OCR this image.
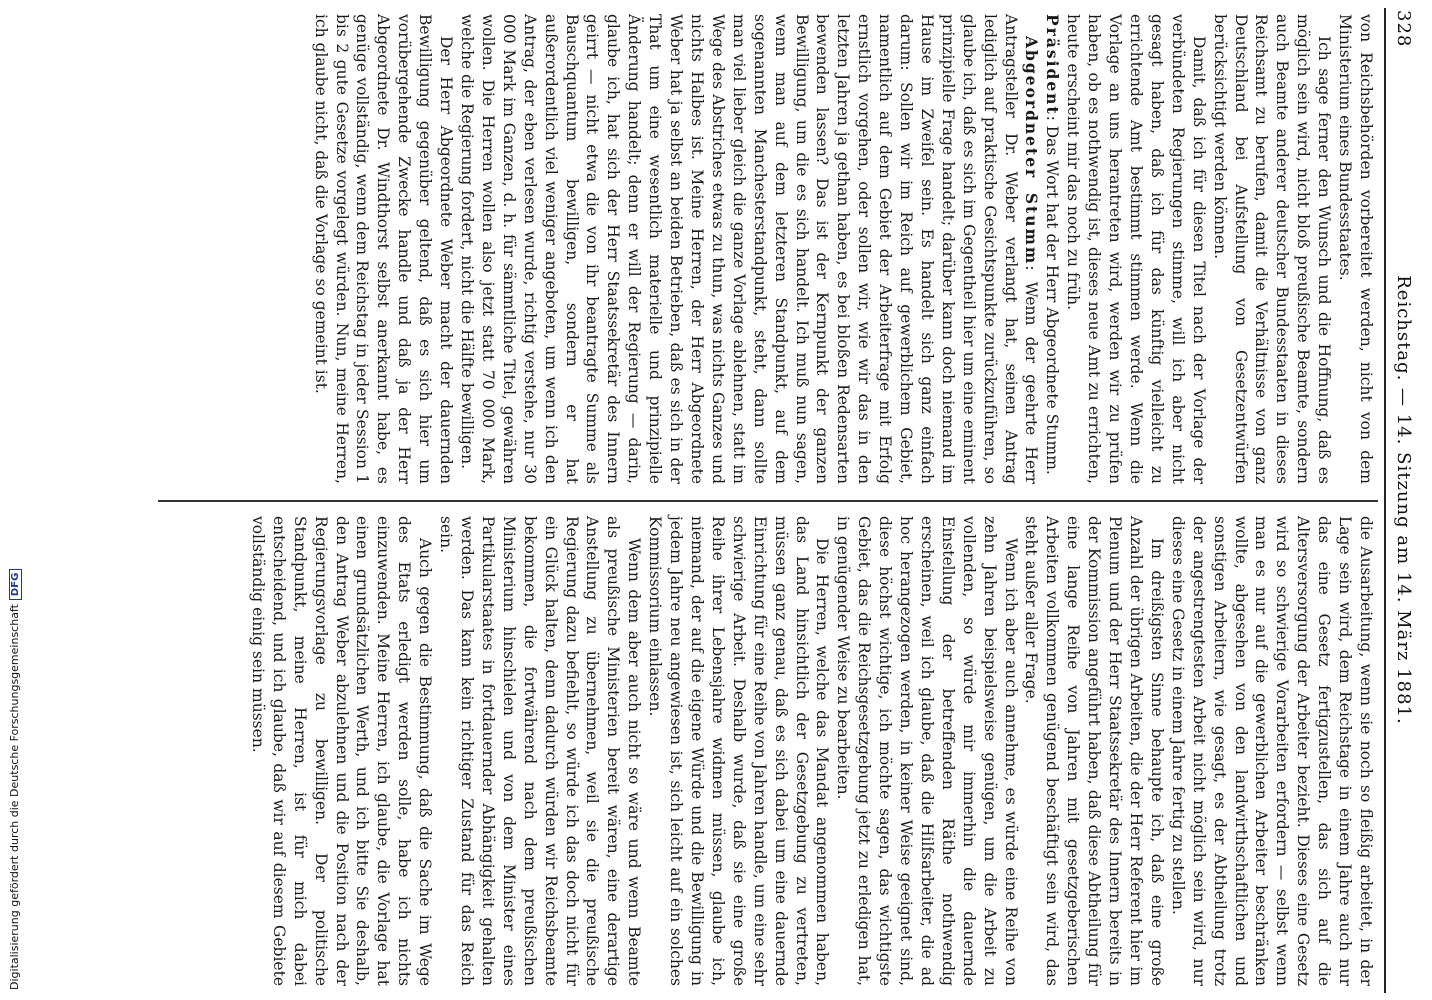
Digitalisierung gefördert durch die Deutsche ForschungsgemeinschaftDFG
328
Reichstag. — 14. Sitzung am 14. März 1881.

von Reichsbehörden vorbereitet werden, nicht von dem Ministerium eines Bundesstaates.

Ich sage ferner den Wunsch und die Hoffnung, daß es möglich sein wird, nicht bloß preußische Beamte, sondern auch Beamte anderer deutscher Bundesstaaten in dieses Reichsamt zu berufen, damit die Verhältnisse von ganz Deutschland bei Aufstellung von Gesetzentwürfen berücksichtigt werden können.

Damit, daß ich für diesen Titel nach der Vorlage der verbündeten Regierungen stimme, will ich aber nicht gesagt haben, daß ich für das künftig vielleicht zu errichtende Amt bestimmt stimmen werde. Wenn die Vorlage an uns herantreten wird, werden wir zu prüfen haben, ob es nothwendig ist, dieses neue Amt zu errichten, heute erscheint mir das noch zu früh.

Präsident: Das Wort hat der Herr Abgeordnete Stumm.

Abgeordneter Stumm: Wenn der geehrte Herr Antragsteller Dr. Weber verlangt hat, seinen Antrag lediglich auf praktische Gesichtspunkte zurückzuführen, so glaube ich, daß es sich im Gegentheil hier um eine eminent prinzipielle Frage handelt; darüber kann doch niemand im Hause im Zweifel sein. Es handelt sich ganz einfach darum: Sollen wir im Reich auf gewerblichem Gebiet, namentlich auf dem Gebiet der Arbeiterfrage mit Erfolg ernstlich vorgehen, oder sollen wir, wie wir das in den letzten Jahren ja gethan haben, es bei bloßen Redensarten bewenden lassen? Das ist der Kernpunkt der ganzen Bewilligung, um die es sich handelt. Ich muß nun sagen, wenn man auf dem letzteren Standpunkt, auf dem sogenannten Manchesterstandpunkt, steht, dann sollte man viel lieber gleich die ganze Vorlage ablehnen, statt im Wege des Abstriches etwas zu thun, was nichts Ganzes und nichts Halbes ist. Meine Herren, der Herr Abgeordnete Weber hat ja selbst an beiden Betrieben, daß es sich in der That um eine wesentlich materielle und prinzipielle Änderung handelt; denn er will der Regierung — darin, glaube ich, hat sich der Herr Staatssekretär des Innern geirrt — nicht etwa die von ihr beantragte Summe als Bauschquantum bewilligen, sondern er hat außerordentlich viel weniger angeboten, um wenn ich den Antrag, der eben verlesen wurde, richtig verstehe, nur 30 000 Mark im Ganzen, d. h. für sämmtliche Titel, gewähren wollen. Die Herren wollen also jetzt statt 70 000 Mark, welche die Regierung fordert, nicht die Hälfte bewilligen.

Der Herr Abgeordnete Weber macht der dauernden Bewilligung gegenüber geltend, daß es sich hier um vorübergehende Zwecke handle und daß ja der Herr Abgeordnete Dr. Windthorst selbst anerkannt habe, es genüge vollständig, wenn dem Reichstag in jeder Session 1 bis 2 gute Gesetze vorgelegt würden. Nun, meine Herren, ich glaube nicht, daß die Vorlage so gemeint ist.

die Ausarbeitung, wenn sie noch so fleißig arbeitet, in der Lage sein wird, dem Reichstage in einem Jahre auch nur das eine Gesetz fertigzustellen, das sich auf die Altersversorgung der Arbeiter bezieht. Dieses eine Gesetz wird so schwierige Vorarbeiten erfordern — selbst wenn man es nur auf die gewerblichen Arbeiter beschränken wollte, abgesehen von den landwirthschaftlichen und sonstigen Arbeitern, wie gesagt, es der Abtheilung trotz der angestrengtesten Arbeit nicht möglich sein wird, nur dieses eine Gesetz in einem Jahre fertig zu stellen.

Im dreißigsten Sinne behaupte ich, daß eine große Anzahl der übrigen Arbeiten, die der Herr Referent hier im Plenum und der Herr Staatssekretär des Innern bereits in der Kommission angeführt haben, daß diese Abtheilung für eine lange Reihe von Jahren mit gesetzgeberischen Arbeiten vollkommen genügend beschäftigt sein wird, das steht außer aller Frage.

Wenn ich aber auch annehme, es würde eine Reihe von zehn Jahren beispielsweise genügen, um die Arbeit zu vollenden, so würde mir immerhin die dauernde Einstellung der betreffenden Räthe nothwendig erscheinen, weil ich glaube, daß die Hilfsarbeiter, die ad hoc herangezogen werden, in keiner Weise geeignet sind, diese höchst wichtige, ich möchte sagen, das wichtigste Gebiet, das die Reichsgesetzgebung jetzt zu erledigen hat, in genügender Weise zu bearbeiten.

Die Herren, welche das Mandat angenommen haben, das Land hinsichtlich der Gesetzgebung zu vertreten, müssen ganz genau, daß es sich dabei um eine dauernde Einrichtung für eine Reihe von Jahren handle, um eine sehr schwierige Arbeit. Deshalb wurde, daß sie eine große Reihe ihrer Lebensjahre widmen müssen, glaube ich, niemand, der auf die eigene Würde und die Bewilligung in jedem Jahre neu angewiesen ist, sich leicht auf ein solches Kommissorium einlassen.

Wenn dem aber auch nicht so wäre und wenn Beamte als preußische Ministerien bereit wären, eine derartige Anstellung zu übernehmen, weil sie die preußische Regierung dazu befiehlt, so würde ich das doch nicht für ein Glück halten, denn dadurch würden wir Reichsbeamte bekommen, die fortwährend nach dem preußischen Ministerium hinschielen und von dem Minister eines Partikularstaates in fortdauernder Abhängigkeit gehalten werden. Das kann kein richtiger Zustand für das Reich sein.

Auch gegen die Bestimmung, daß die Sache im Wege des Etats erledigt werden solle, habe ich nichts einzuwenden. Meine Herren, ich glaube, die Vorlage hat einen grundsätzlichen Werth, und ich bitte Sie deshalb, den Antrag Weber abzulehnen und die Position nach der Regierungsvorlage zu bewilligen. Der politische Standpunkt, meine Herren, ist für mich dabei entscheidend, und ich glaube, daß wir auf diesem Gebiete vollständig einig sein müssen.
